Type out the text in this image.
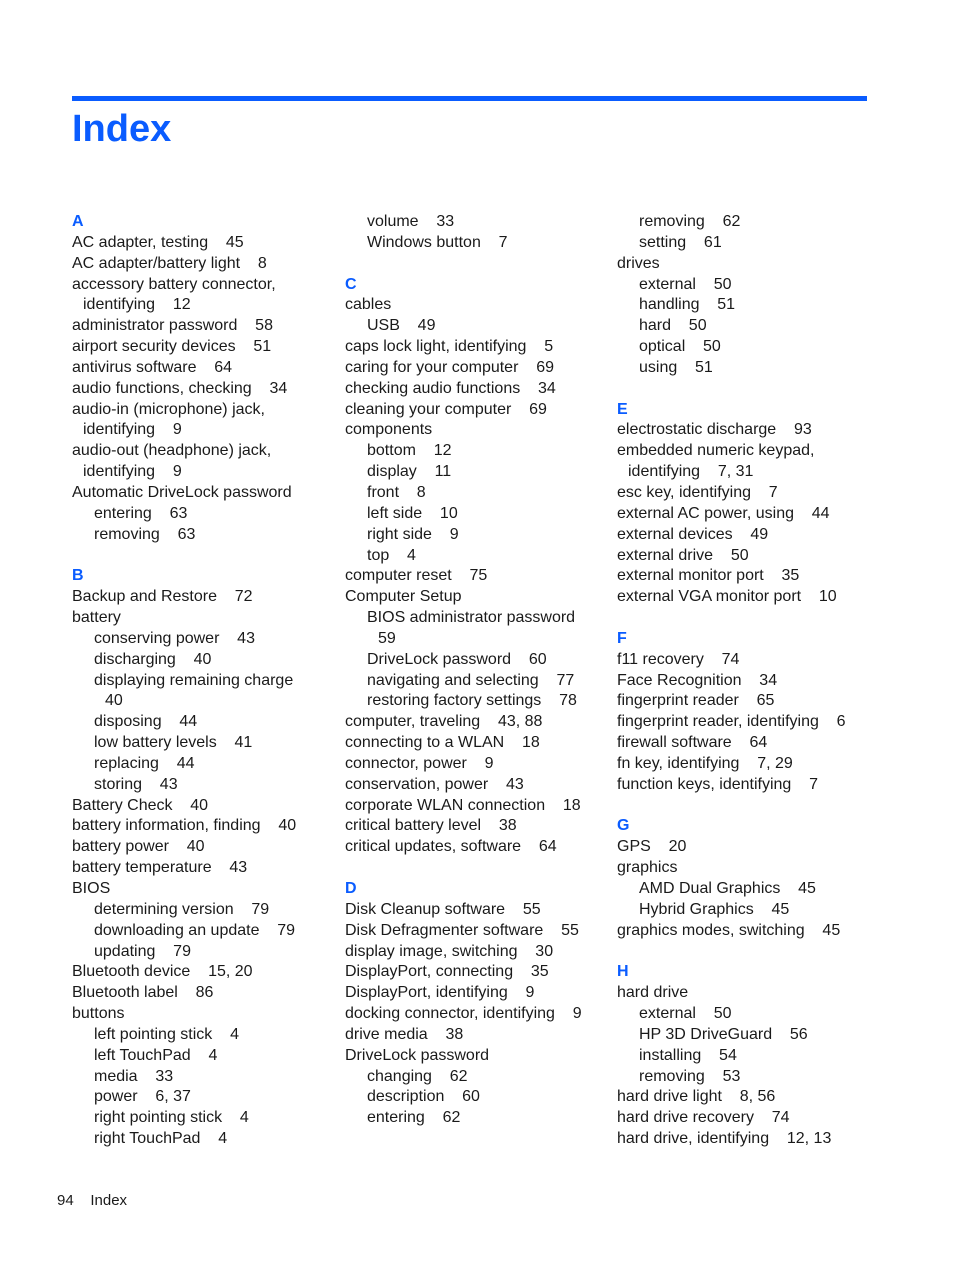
Index
A
AC adapter, testing    45
AC adapter/battery light    8
accessory battery connector,
identifying    12
administrator password    58
airport security devices    51
antivirus software    64
audio functions, checking    34
audio-in (microphone) jack,
identifying    9
audio-out (headphone) jack,
identifying    9
Automatic DriveLock password
entering    63
removing    63
B
Backup and Restore    72
battery
conserving power    43
discharging    40
displaying remaining charge
40
disposing    44
low battery levels    41
replacing    44
storing    43
Battery Check    40
battery information, finding    40
battery power    40
battery temperature    43
BIOS
determining version    79
downloading an update    79
updating    79
Bluetooth device    15, 20
Bluetooth label    86
buttons
left pointing stick    4
left TouchPad    4
media    33
power    6, 37
right pointing stick    4
right TouchPad    4
volume    33
Windows button    7
C
cables
USB    49
caps lock light, identifying    5
caring for your computer    69
checking audio functions    34
cleaning your computer    69
components
bottom    12
display    11
front    8
left side    10
right side    9
top    4
computer reset    75
Computer Setup
BIOS administrator password
59
DriveLock password    60
navigating and selecting    77
restoring factory settings    78
computer, traveling    43, 88
connecting to a WLAN    18
connector, power    9
conservation, power    43
corporate WLAN connection    18
critical battery level    38
critical updates, software    64
D
Disk Cleanup software    55
Disk Defragmenter software    55
display image, switching    30
DisplayPort, connecting    35
DisplayPort, identifying    9
docking connector, identifying    9
drive media    38
DriveLock password
changing    62
description    60
entering    62
removing    62
setting    61
drives
external    50
handling    51
hard    50
optical    50
using    51
E
electrostatic discharge    93
embedded numeric keypad,
identifying    7, 31
esc key, identifying    7
external AC power, using    44
external devices    49
external drive    50
external monitor port    35
external VGA monitor port    10
F
f11 recovery    74
Face Recognition    34
fingerprint reader    65
fingerprint reader, identifying    6
firewall software    64
fn key, identifying    7, 29
function keys, identifying    7
G
GPS    20
graphics
AMD Dual Graphics    45
Hybrid Graphics    45
graphics modes, switching    45
H
hard drive
external    50
HP 3D DriveGuard    56
installing    54
removing    53
hard drive light    8, 56
hard drive recovery    74
hard drive, identifying    12, 13
94 Index
